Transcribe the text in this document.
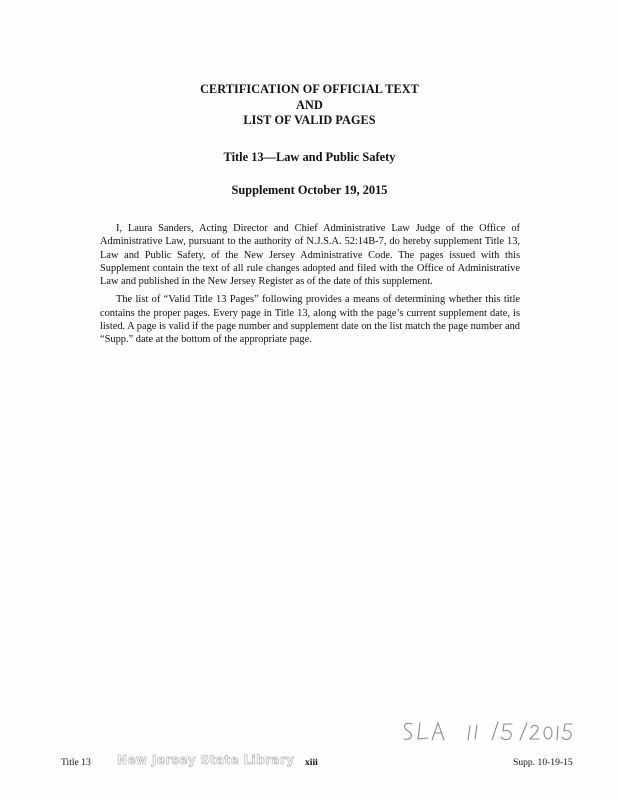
CERTIFICATION OF OFFICIAL TEXT
AND
LIST OF VALID PAGES
Title 13—Law and Public Safety
Supplement October 19, 2015

I, Laura Sanders, Acting Director and Chief Administrative Law Judge of the Office of Administrative Law, pursuant to the authority of N.J.S.A. 52:14B-7, do hereby supplement Title 13, Law and Public Safety, of the New Jersey Administrative Code. The pages issued with this Supplement contain the text of all rule changes adopted and filed with the Office of Administrative Law and published in the New Jersey Register as of the date of this supplement.

The list of “Valid Title 13 Pages” following provides a means of determining whether this title contains the proper pages. Every page in Title 13, along with the page’s current supplement date, is listed. A page is valid if the page number and supplement date on the list match the page number and “Supp.” date at the bottom of the appropriate page.

Title 13 New Jersey State Library xiii	Supp. 10-19-15
